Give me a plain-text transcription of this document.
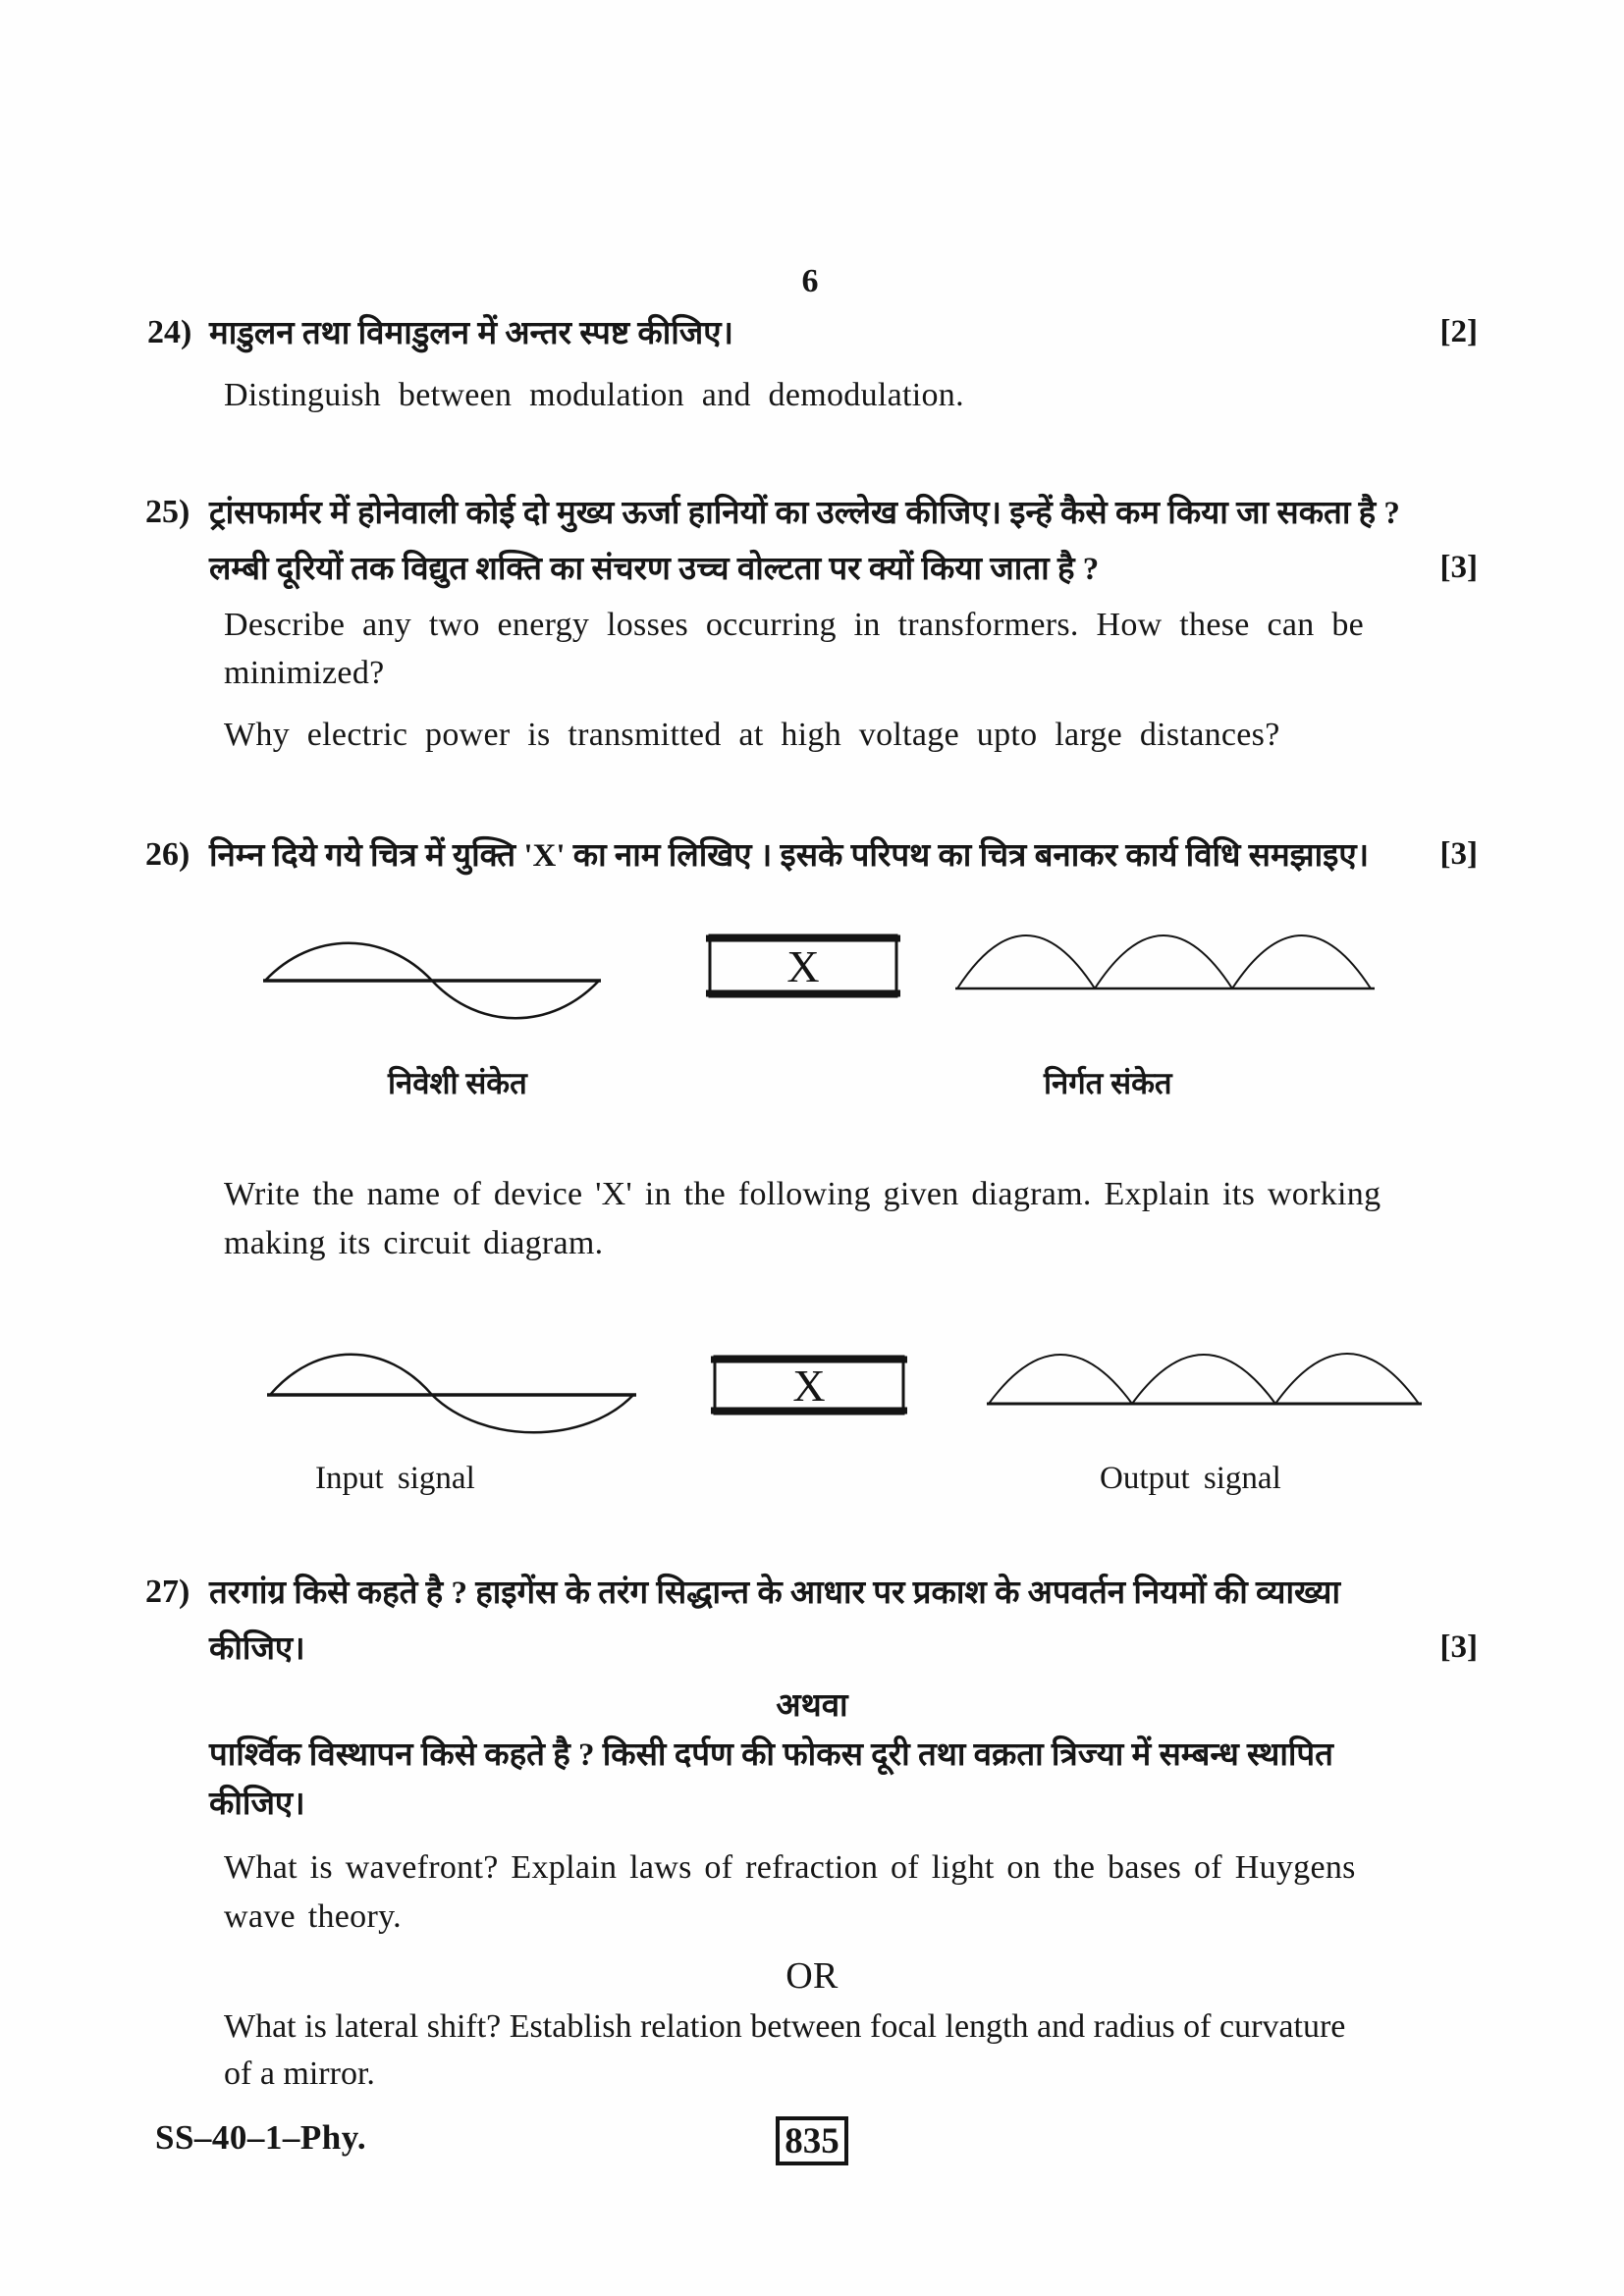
6
24) माडुलन तथा विमाडुलन में अन्तर स्पष्ट कीजिए।	[2]
Distinguish between modulation and demodulation.
25) ट्रांसफार्मर में होनेवाली कोई दो मुख्य ऊर्जा हानियों का उल्लेख कीजिए। इन्हें कैसे कम किया जा सकता है ?
लम्बी दूरियों तक विद्युत शक्ति का संचरण उच्च वोल्टता पर क्यों किया जाता है ?	[3]
Describe any two energy losses occurring in transformers. How these can be
minimized?
Why electric power is transmitted at high voltage upto large distances?
26) निम्न दिये गये चित्र में युक्ति 'X' का नाम लिखिए । इसके परिपथ का चित्र बनाकर कार्य विधि समझाइए। [3]
X
निवेशी संकेत	निर्गत संकेत
Write the name of device 'X' in the following given diagram. Explain its working
making its circuit diagram.
X
Input signal	Output signal
27) तरगांग्र किसे कहते है ? हाइगेंस के तरंग सिद्धान्त के आधार पर प्रकाश के अपवर्तन नियमों की व्याख्या
कीजिए।	[3]
अथवा
पार्श्विक विस्थापन किसे कहते है ? किसी दर्पण की फोकस दूरी तथा वक्रता त्रिज्या में सम्बन्ध स्थापित
कीजिए।
What is wavefront? Explain laws of refraction of light on the bases of Huygens
wave theory.
OR
What is lateral shift? Establish relation between focal length and radius of curvature
of a mirror.
SS–40–1–Phy.	835
